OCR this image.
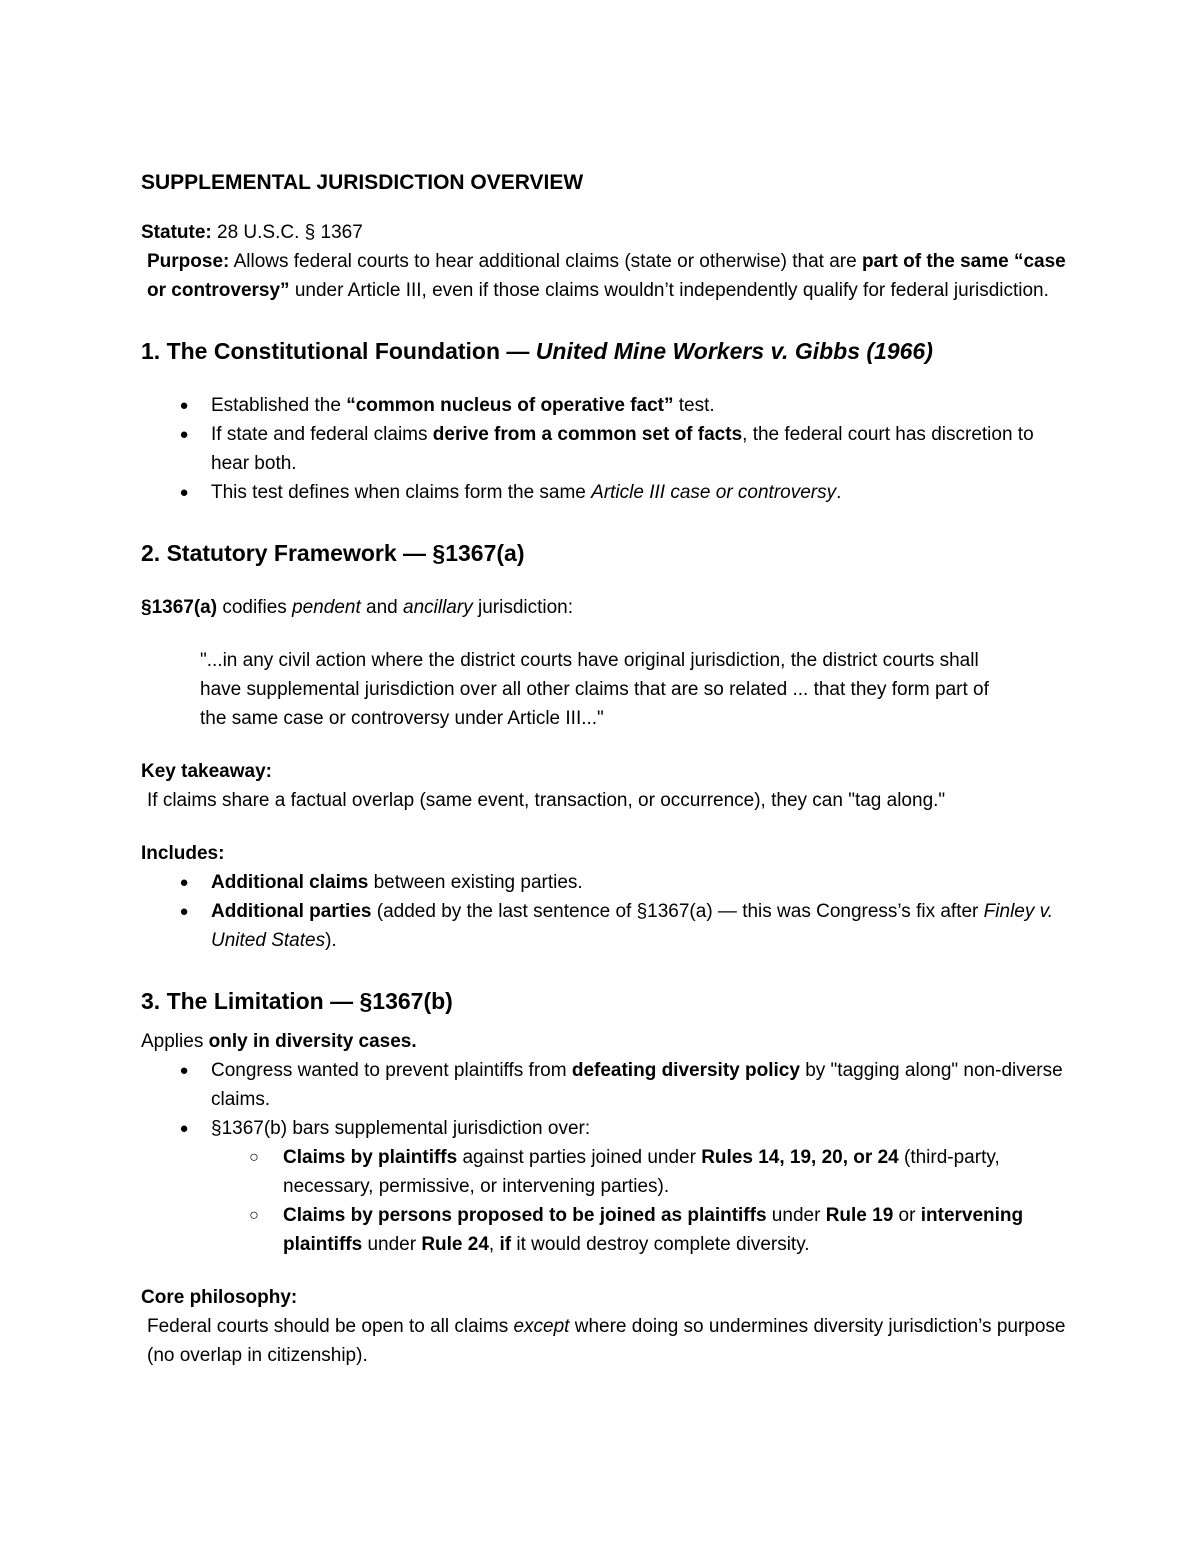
SUPPLEMENTAL JURISDICTION OVERVIEW

Statute: 28 U.S.C. § 1367

Purpose: Allows federal courts to hear additional claims (state or otherwise) that are part of the same “case or controversy” under Article III, even if those claims wouldn’t independently qualify for federal jurisdiction.

1. The Constitutional Foundation — United Mine Workers v. Gibbs (1966)
● Established the “common nucleus of operative fact” test.
● If state and federal claims derive from a common set of facts, the federal court has discretion to hear both.
● This test defines when claims form the same Article III case or controversy.
2. Statutory Framework — §1367(a)

§1367(a) codifies pendent and ancillary jurisdiction:

"...in any civil action where the district courts have original jurisdiction, the district courts shall have supplemental jurisdiction over all other claims that are so related ... that they form part of the same case or controversy under Article III..."

Key takeaway:

If claims share a factual overlap (same event, transaction, or occurrence), they can "tag along."

Includes:

● Additional claims between existing parties.
● Additional parties (added by the last sentence of §1367(a) — this was Congress’s fix after Finley v. United States).
3. The Limitation — §1367(b)

Applies only in diversity cases.

● Congress wanted to prevent plaintiffs from defeating diversity policy by "tagging along" non-diverse claims.
● §1367(b) bars supplemental jurisdiction over:
○ Claims by plaintiffs against parties joined under Rules 14, 19, 20, or 24 (third-party, necessary, permissive, or intervening parties).
○ Claims by persons proposed to be joined as plaintiffs under Rule 19 or intervening plaintiffs under Rule 24, if it would destroy complete diversity.

Core philosophy:

Federal courts should be open to all claims except where doing so undermines diversity jurisdiction’s purpose (no overlap in citizenship).
